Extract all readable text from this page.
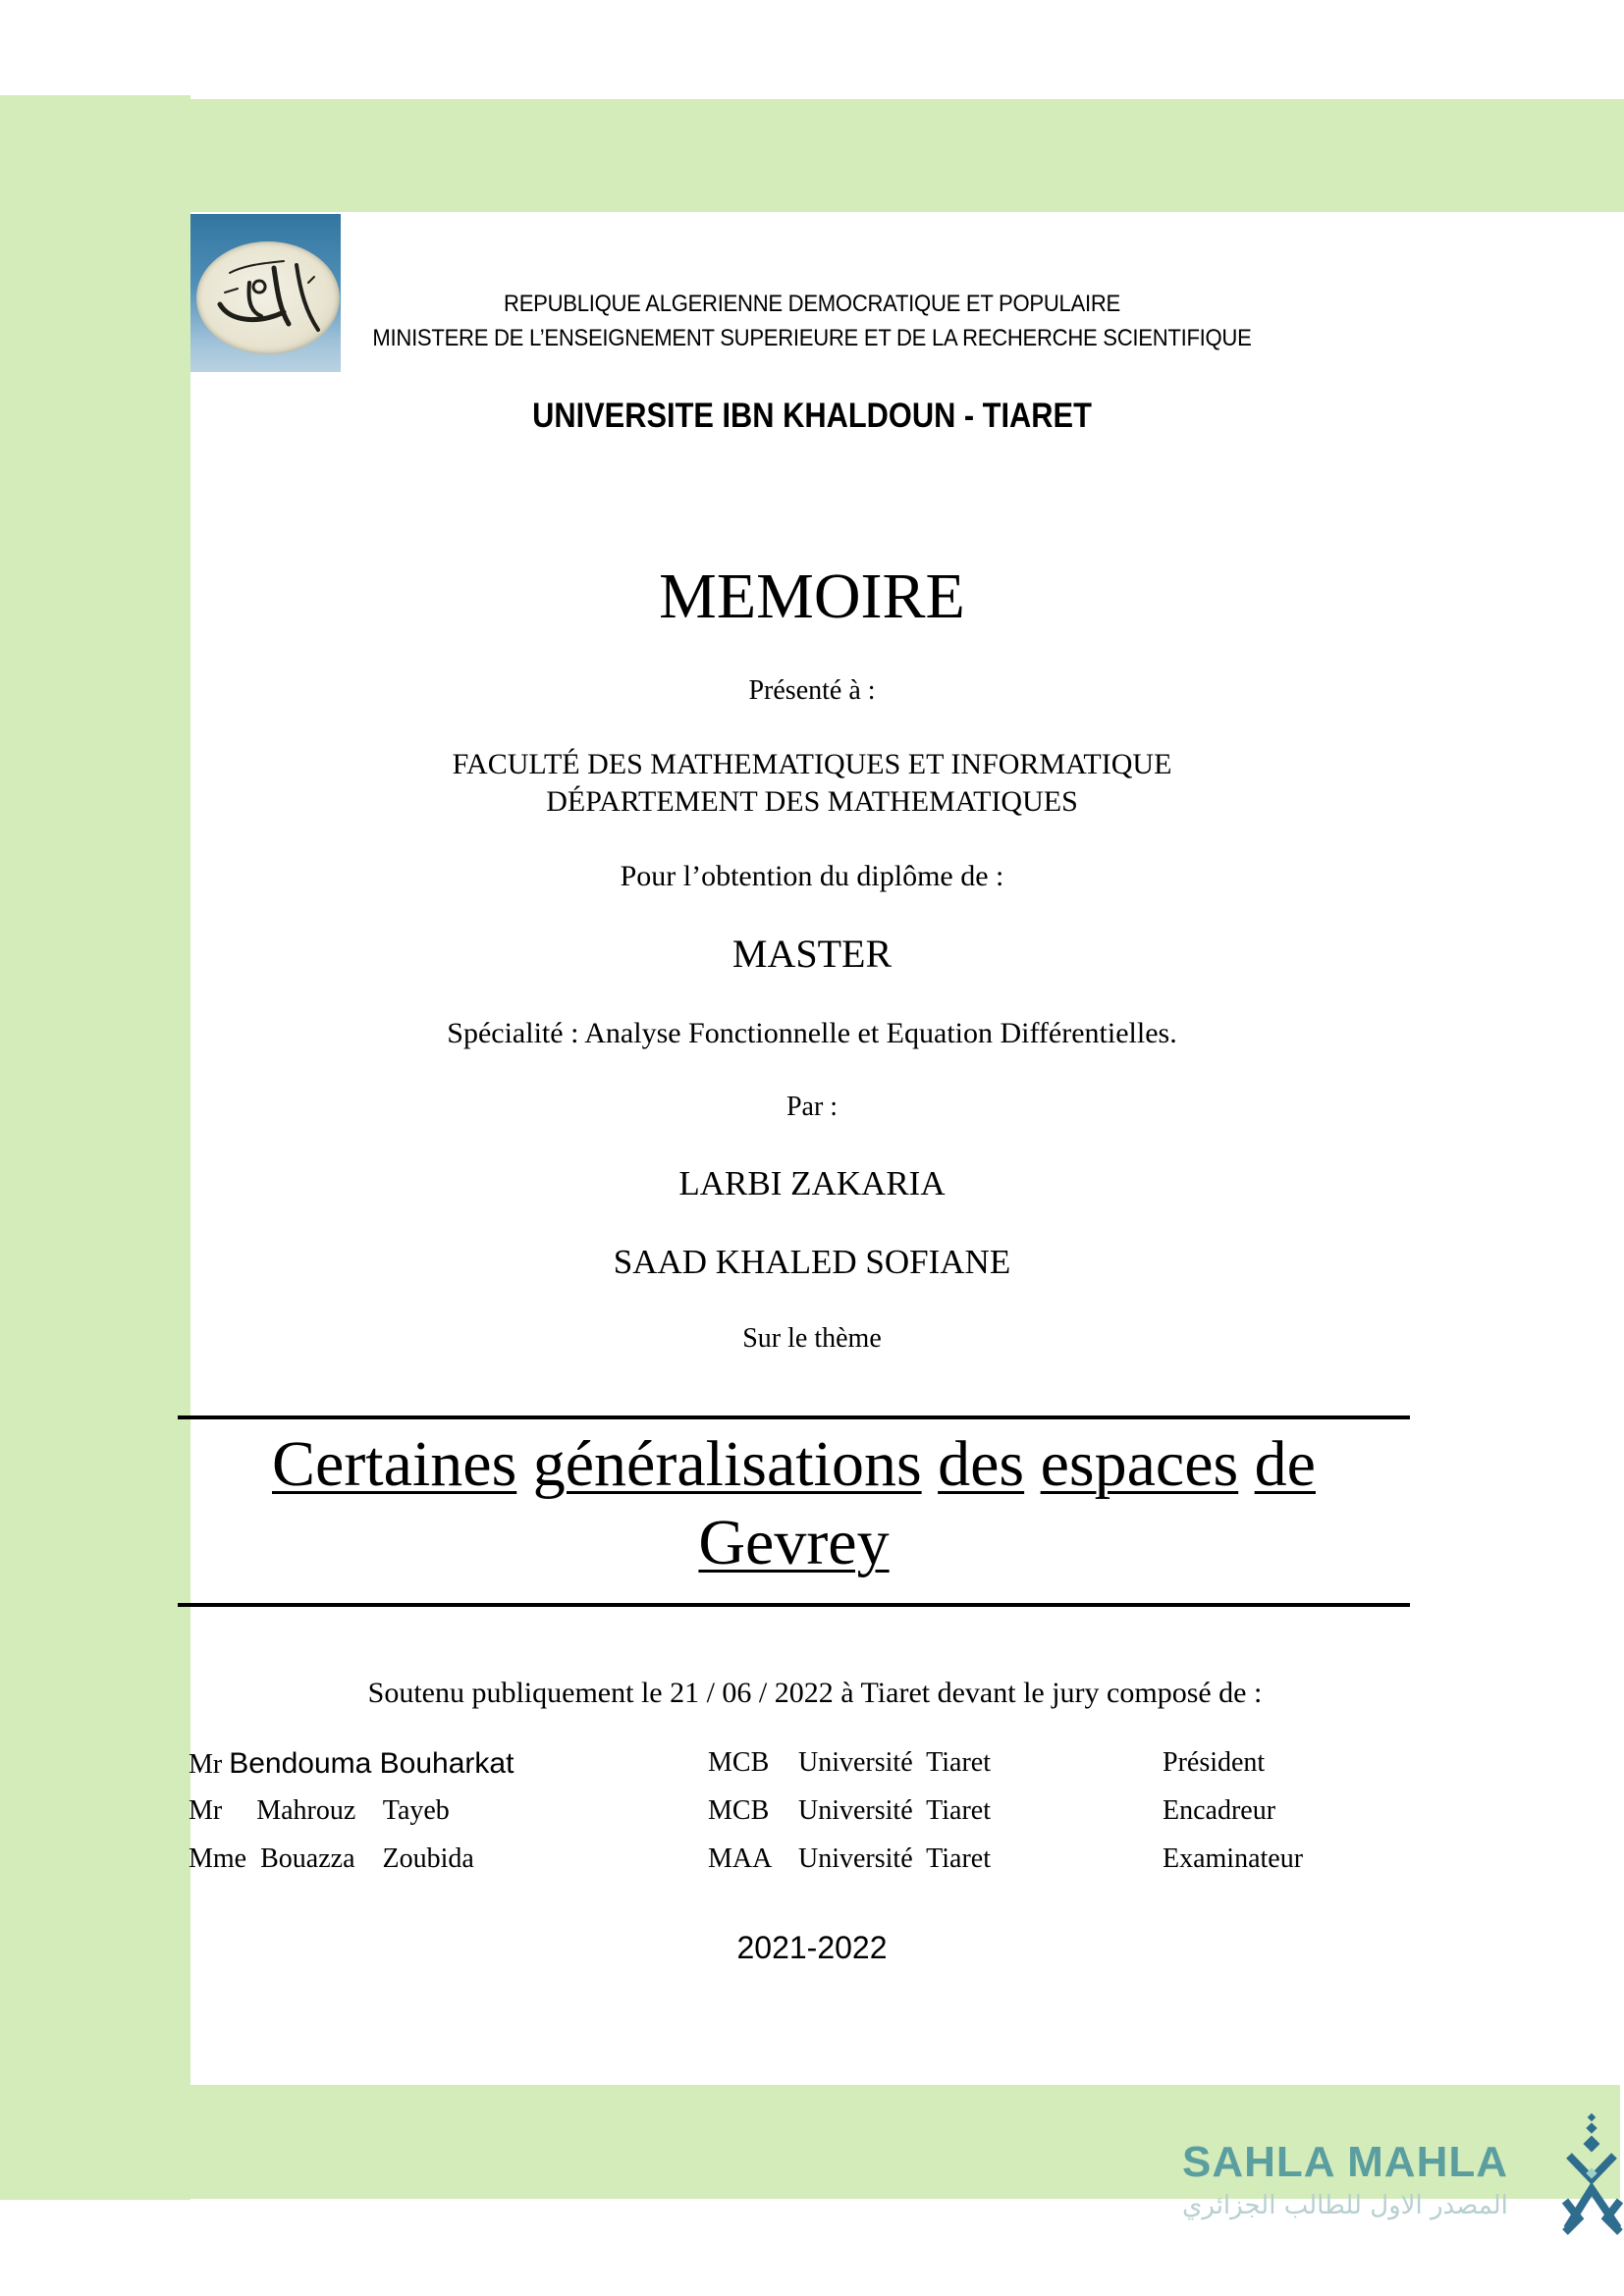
REPUBLIQUE ALGERIENNE DEMOCRATIQUE ET POPULAIRE
MINISTERE DE L’ENSEIGNEMENT SUPERIEURE ET DE LA RECHERCHE SCIENTIFIQUE
UNIVERSITE IBN KHALDOUN - TIARET
MEMOIRE
Présenté à :
FACULTÉ DES MATHEMATIQUES ET INFORMATIQUE
DÉPARTEMENT DES MATHEMATIQUES
Pour l’obtention du diplôme de :
MASTER
Spécialité : Analyse Fonctionnelle et Equation Différentielles.
Par :
LARBI ZAKARIA
SAAD KHALED SOFIANE
Sur le thème
Certaines généralisations des espaces de
Gevrey
Soutenu publiquement le 21 / 06 / 2022 à Tiaret devant le jury composé de :
Mr Bendouma Bouharkat	MCB Université  Tiaret	Président
Mr Mahrouz    Tayeb	MCB Université  Tiaret	Encadreur
Mme Bouazza    Zoubida	MAA Université  Tiaret	Examinateur
2021-2022
SAHLA MAHLA
المصدر الاول للطالب الجزائري
